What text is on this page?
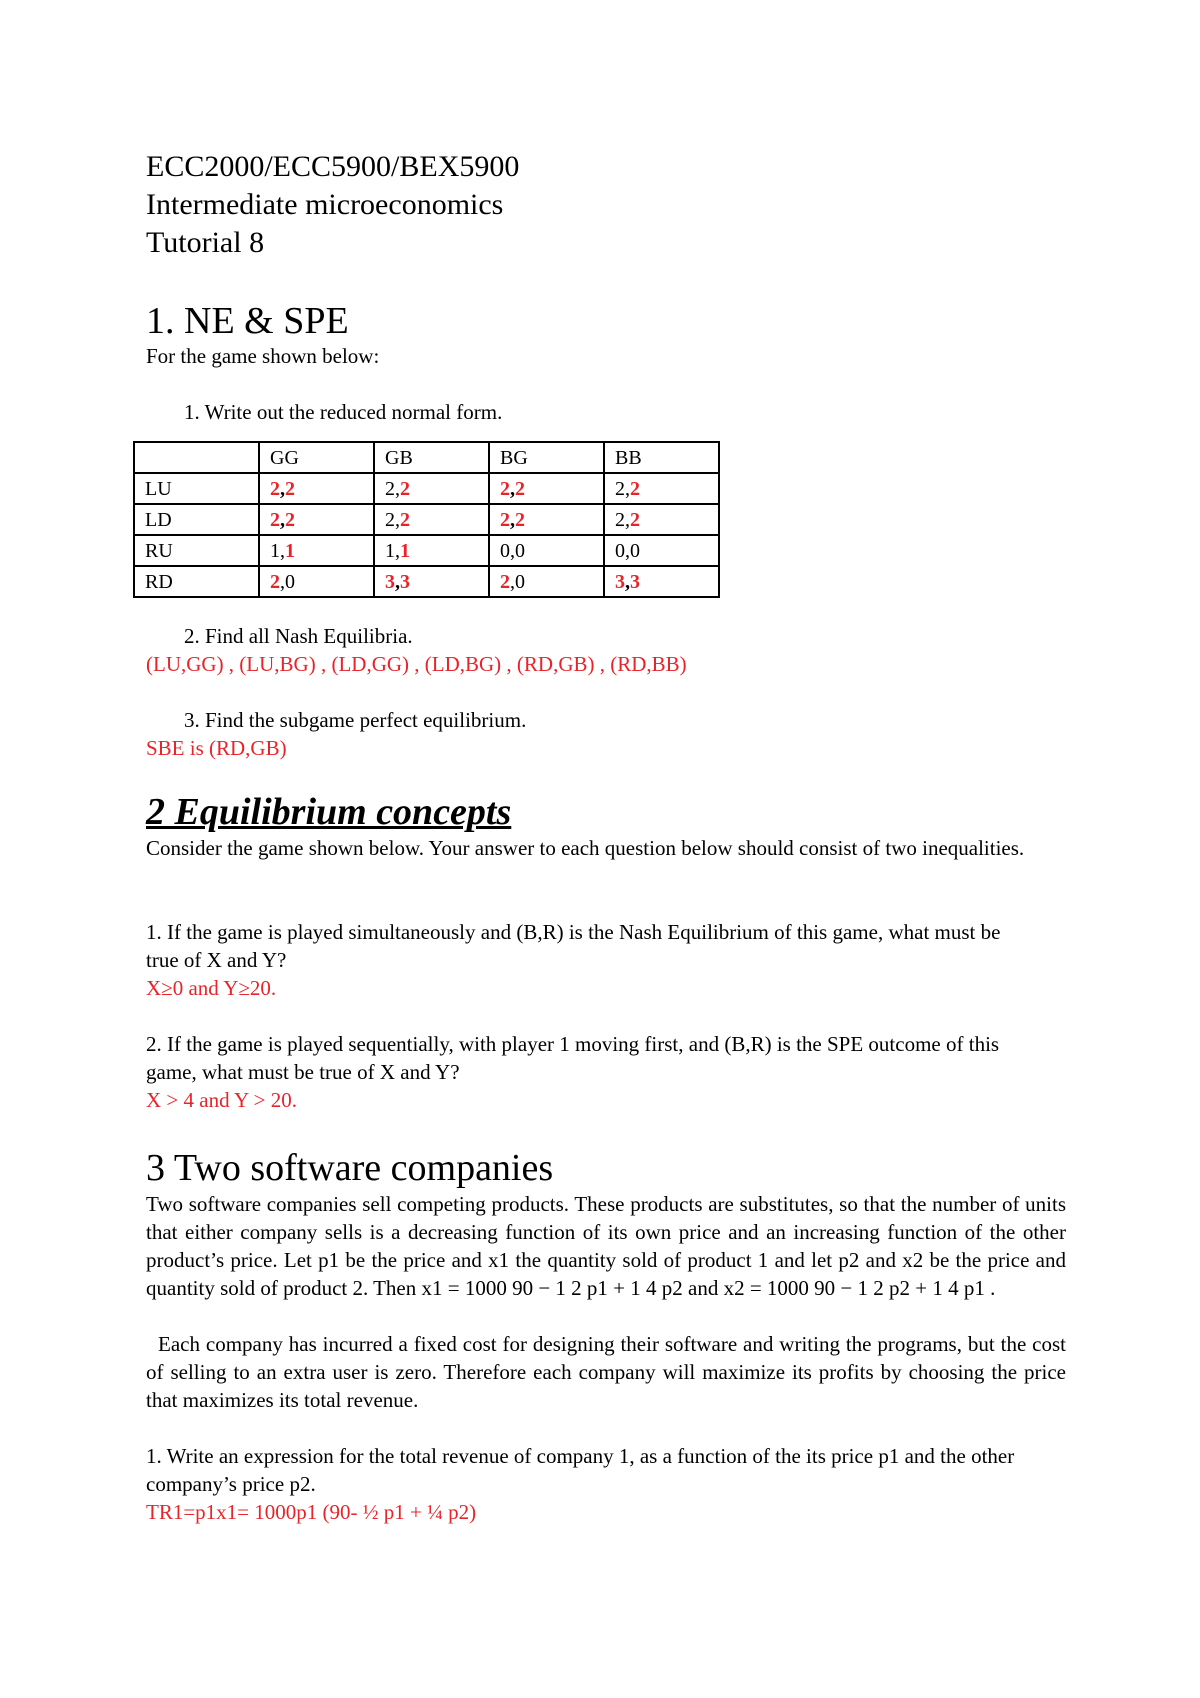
ECC2000/ECC5900/BEX5900

Intermediate microeconomics

Tutorial 8

1. NE & SPE
For the game shown below:
1. Write out the reduced normal form.
	GG	GB	BG	BB
LU	2,2	2,2	2,2	2,2
LD	2,2	2,2	2,2	2,2
RU	1,1	1,1	0,0	0,0
RD	2,0	3,3	2,0	3,3
2. Find all Nash Equilibria.
(LU,GG) , (LU,BG) , (LD,GG) , (LD,BG) , (RD,GB) , (RD,BB)
3. Find the subgame perfect equilibrium.
SBE is (RD,GB)
2 Equilibrium concepts
Consider the game shown below. Your answer to each question below should consist of two inequalities.
1. If the game is played simultaneously and (B,R) is the Nash Equilibrium of this game, what must be true of X and Y?
X≥0 and Y≥20.
2. If the game is played sequentially, with player 1 moving first, and (B,R) is the SPE outcome of this game, what must be true of X and Y?
X > 4 and Y > 20.
3 Two software companies
Two software companies sell competing products. These products are substitutes, so that the number of units that either company sells is a decreasing function of its own price and an increasing function of the other product’s price. Let p1 be the price and x1 the quantity sold of product 1 and let p2 and x2 be the price and quantity sold of product 2. Then x1 = 1000 90 − 1 2 p1 + 1 4 p2 and x2 = 1000 90 − 1 2 p2 + 1 4 p1 .
Each company has incurred a fixed cost for designing their software and writing the programs, but the cost of selling to an extra user is zero. Therefore each company will maximize its profits by choosing the price that maximizes its total revenue.
1. Write an expression for the total revenue of company 1, as a function of the its price p1 and the other company’s price p2.
TR1=p1x1= 1000p1 (90- ½ p1 + ¼ p2)
